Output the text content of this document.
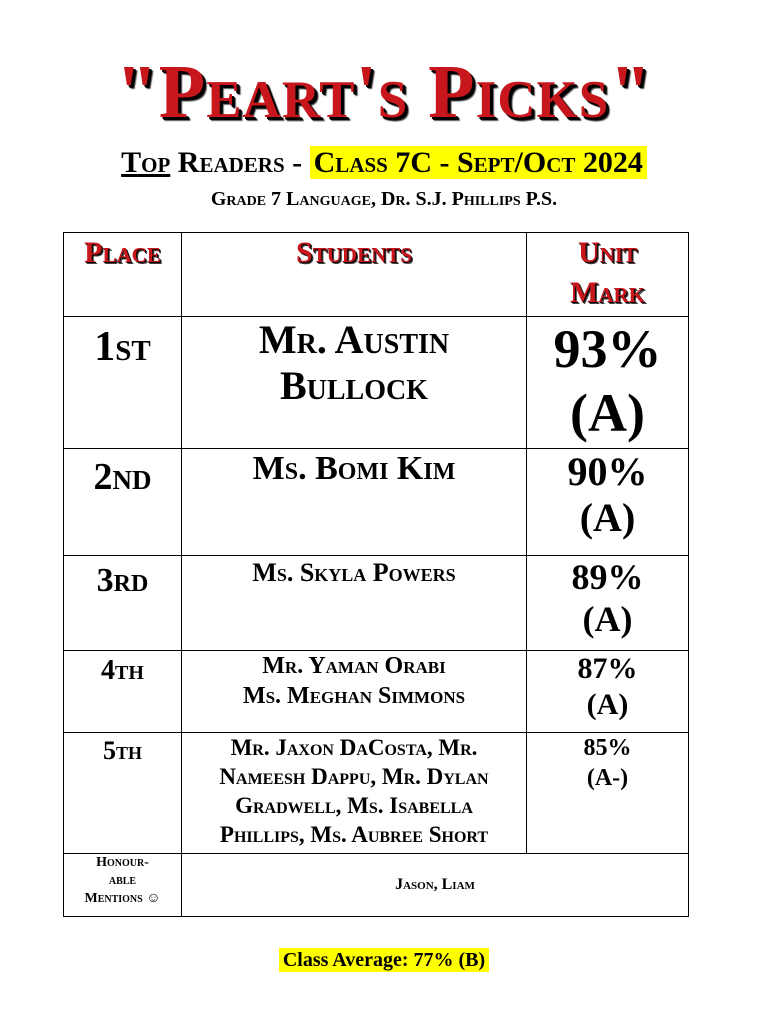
"Peart's Picks"
Top Readers - Class 7C - Sept/Oct 2024
Grade 7 Language, Dr. S.J. Phillips P.S.
Place	Students	Unit
Mark

1st	Mr. Austin
Bullock	93%
(A)

2nd	Ms. Bomi Kim	90%
(A)

3rd	Ms. Skyla Powers	89%
(A)

4th	Mr. Yaman Orabi
Ms. Meghan Simmons	87%
(A)

5th	Mr. Jaxon DaCosta, Mr.
Nameesh Dappu, Mr. Dylan
Gradwell, Ms. Isabella
Phillips, Ms. Aubree Short	85%
(A-)

Honour-
able
Mentions ☺	Jason, Liam	
Class Average: 77% (B)
